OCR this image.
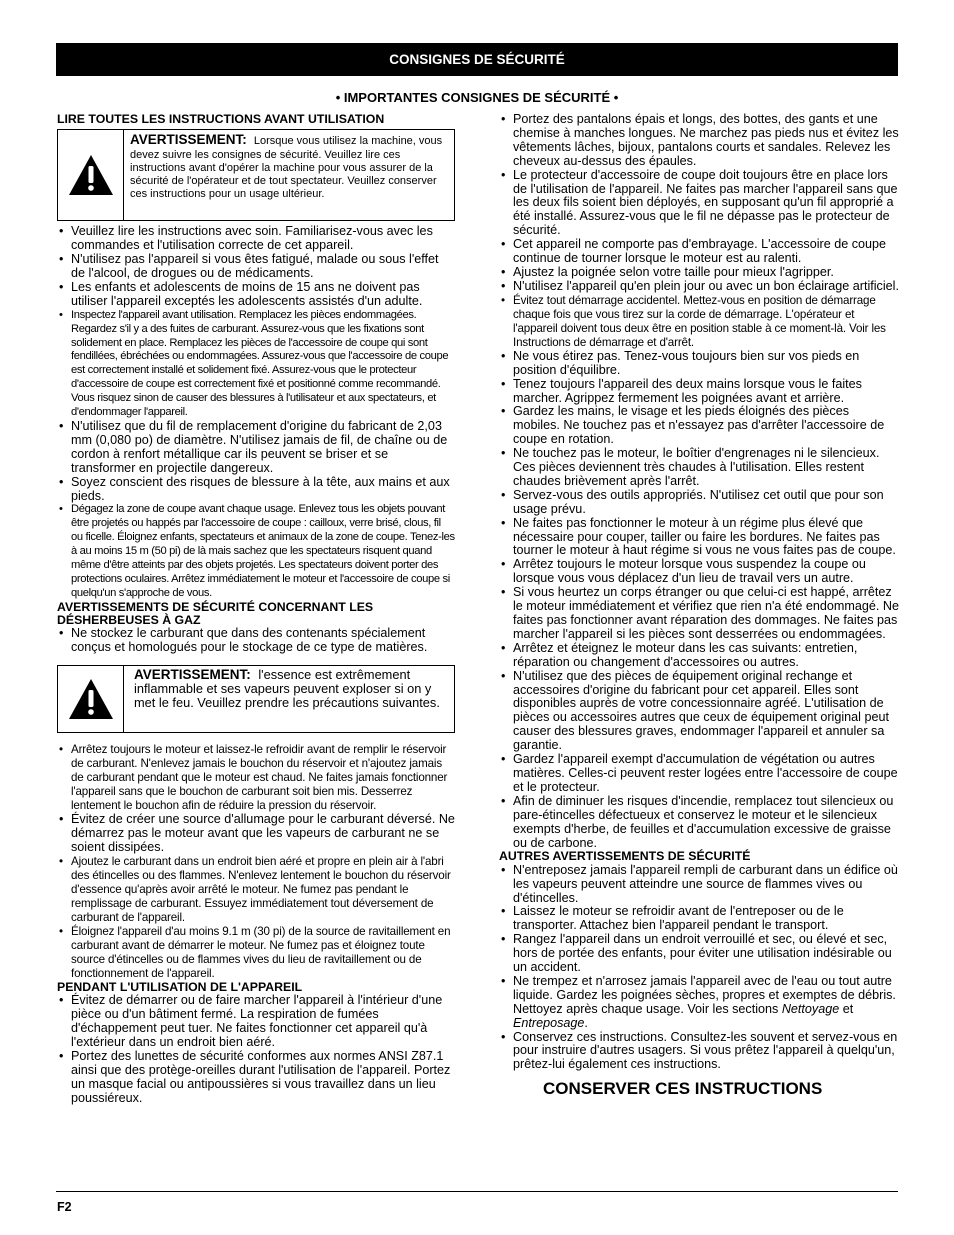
CONSIGNES DE SÉCURITÉ
• IMPORTANTES CONSIGNES DE SÉCURITÉ •
LIRE TOUTES LES INSTRUCTIONS AVANT UTILISATION
AVERTISSEMENT: Lorsque vous utilisez la machine, vous devez suivre les consignes de sécurité. Veuillez lire ces instructions avant d'opérer la machine pour vous assurer de la sécurité de l'opérateur et de tout spectateur. Veuillez conserver ces instructions pour un usage ultérieur.
• Veuillez lire les instructions avec soin. Familiarisez-vous avec les commandes et l'utilisation correcte de cet appareil.
• N'utilisez pas l'appareil si vous êtes fatigué, malade ou sous l'effet de l'alcool, de drogues ou de médicaments.
• Les enfants et adolescents de moins de 15 ans ne doivent pas utiliser l'appareil exceptés les adolescents assistés d'un adulte.
• Inspectez l'appareil avant utilisation. Remplacez les pièces endommagées. Regardez s'il y a des fuites de carburant. Assurez-vous que les fixations sont solidement en place. Remplacez les pièces de l'accessoire de coupe qui sont fendillées, ébréchées ou endommagées. Assurez-vous que l'accessoire de coupe est correctement installé et solidement fixé. Assurez-vous que le protecteur d'accessoire de coupe est correctement fixé et positionné comme recommandé. Vous risquez sinon de causer des blessures à l'utilisateur et aux spectateurs, et d'endommager l'appareil.
• N'utilisez que du fil de remplacement d'origine du fabricant de 2,03 mm (0,080 po) de diamètre. N'utilisez jamais de fil, de chaîne ou de cordon à renfort métallique car ils peuvent se briser et se transformer en projectile dangereux.
• Soyez conscient des risques de blessure à la tête, aux mains et aux pieds.
• Dégagez la zone de coupe avant chaque usage. Enlevez tous les objets pouvant être projetés ou happés par l'accessoire de coupe : cailloux, verre brisé, clous, fil ou ficelle. Éloignez enfants, spectateurs et animaux de la zone de coupe. Tenez-les à au moins 15 m (50 pi) de là mais sachez que les spectateurs risquent quand même d'être atteints par des objets projetés. Les spectateurs doivent porter des protections oculaires. Arrêtez immédiatement le moteur et l'accessoire de coupe si quelqu'un s'approche de vous.
AVERTISSEMENTS DE SÉCURITÉ CONCERNANT LES DÉSHERBEUSES À GAZ
• Ne stockez le carburant que dans des contenants spécialement conçus et homologués pour le stockage de ce type de matières.
AVERTISSEMENT: l'essence est extrêmement inflammable et ses vapeurs peuvent exploser si on y met le feu. Veuillez prendre les précautions suivantes.
• Arrêtez toujours le moteur et laissez-le refroidir avant de remplir le réservoir de carburant. N'enlevez jamais le bouchon du réservoir et n'ajoutez jamais de carburant pendant que le moteur est chaud. Ne faites jamais fonctionner l'appareil sans que le bouchon de carburant soit bien mis. Desserrez lentement le bouchon afin de réduire la pression du réservoir.
• Évitez de créer une source d'allumage pour le carburant déversé. Ne démarrez pas le moteur avant que les vapeurs de carburant ne se soient dissipées.
• Ajoutez le carburant dans un endroit bien aéré et propre en plein air à l'abri des étincelles ou des flammes. N'enlevez lentement le bouchon du réservoir d'essence qu'après avoir arrêté le moteur. Ne fumez pas pendant le remplissage de carburant. Essuyez immédiatement tout déversement de carburant de l'appareil.
• Éloignez l'appareil d'au moins 9.1 m (30 pi) de la source de ravitaillement en carburant avant de démarrer le moteur. Ne fumez pas et éloignez toute source d'étincelles ou de flammes vives du lieu de ravitaillement ou de fonctionnement de l'appareil.
PENDANT L'UTILISATION DE L'APPAREIL
• Évitez de démarrer ou de faire marcher l'appareil à l'intérieur d'une pièce ou d'un bâtiment fermé. La respiration de fumées d'échappement peut tuer. Ne faites fonctionner cet appareil qu'à l'extérieur dans un endroit bien aéré.
• Portez des lunettes de sécurité conformes aux normes ANSI Z87.1 ainsi que des protège-oreilles durant l'utilisation de l'appareil. Portez un masque facial ou antipoussières si vous travaillez dans un lieu poussiéreux.
• Portez des pantalons épais et longs, des bottes, des gants et une chemise à manches longues. Ne marchez pas pieds nus et évitez les vêtements lâches, bijoux, pantalons courts et sandales. Relevez les cheveux au-dessus des épaules.
• Le protecteur d'accessoire de coupe doit toujours être en place lors de l'utilisation de l'appareil. Ne faites pas marcher l'appareil sans que les deux fils soient bien déployés, en supposant qu'un fil approprié a été installé. Assurez-vous que le fil ne dépasse pas le protecteur de sécurité.
• Cet appareil ne comporte pas d'embrayage. L'accessoire de coupe continue de tourner lorsque le moteur est au ralenti.
• Ajustez la poignée selon votre taille pour mieux l'agripper.
• N'utilisez l'appareil qu'en plein jour ou avec un bon éclairage artificiel.
• Évitez tout démarrage accidentel. Mettez-vous en position de démarrage chaque fois que vous tirez sur la corde de démarrage. L'opérateur et l'appareil doivent tous deux être en position stable à ce moment-là. Voir les Instructions de démarrage et d'arrêt.
• Ne vous étirez pas. Tenez-vous toujours bien sur vos pieds en position d'équilibre.
• Tenez toujours l'appareil des deux mains lorsque vous le faites marcher. Agrippez fermement les poignées avant et arrière.
• Gardez les mains, le visage et les pieds éloignés des pièces mobiles. Ne touchez pas et n'essayez pas d'arrêter l'accessoire de coupe en rotation.
• Ne touchez pas le moteur, le boîtier d'engrenages ni le silencieux. Ces pièces deviennent très chaudes à l'utilisation. Elles restent chaudes brièvement après l'arrêt.
• Servez-vous des outils appropriés. N'utilisez cet outil que pour son usage prévu.
• Ne faites pas fonctionner le moteur à un régime plus élevé que nécessaire pour couper, tailler ou faire les bordures. Ne faites pas tourner le moteur à haut régime si vous ne vous faites pas de coupe.
• Arrêtez toujours le moteur lorsque vous suspendez la coupe ou lorsque vous vous déplacez d'un lieu de travail vers un autre.
• Si vous heurtez un corps étranger ou que celui-ci est happé, arrêtez le moteur immédiatement et vérifiez que rien n'a été endommagé. Ne faites pas fonctionner avant réparation des dommages. Ne faites pas marcher l'appareil si les pièces sont desserrées ou endommagées.
• Arrêtez et éteignez le moteur dans les cas suivants: entretien, réparation ou changement d'accessoires ou autres.
• N'utilisez que des pièces de équipement original rechange et accessoires d'origine du fabricant pour cet appareil. Elles sont disponibles auprès de votre concessionnaire agréé. L'utilisation de pièces ou accessoires autres que ceux de équipement original peut causer des blessures graves, endommager l'appareil et annuler sa garantie.
• Gardez l'appareil exempt d'accumulation de végétation ou autres matières. Celles-ci peuvent rester logées entre l'accessoire de coupe et le protecteur.
• Afin de diminuer les risques d'incendie, remplacez tout silencieux ou pare-étincelles défectueux et conservez le moteur et le silencieux exempts d'herbe, de feuilles et d'accumulation excessive de graisse ou de carbone.
AUTRES AVERTISSEMENTS DE SÉCURITÉ
• N'entreposez jamais l'appareil rempli de carburant dans un édifice où les vapeurs peuvent atteindre une source de flammes vives ou d'étincelles.
• Laissez le moteur se refroidir avant de l'entreposer ou de le transporter. Attachez bien l'appareil pendant le transport.
• Rangez l'appareil dans un endroit verrouillé et sec, ou élevé et sec, hors de portée des enfants, pour éviter une utilisation indésirable ou un accident.
• Ne trempez et n'arrosez jamais l'appareil avec de l'eau ou tout autre liquide. Gardez les poignées sèches, propres et exemptes de débris. Nettoyez après chaque usage. Voir les sections Nettoyage et Entreposage.
• Conservez ces instructions. Consultez-les souvent et servez-vous en pour instruire d'autres usagers. Si vous prêtez l'appareil à quelqu'un, prêtez-lui également ces instructions.
CONSERVER CES INSTRUCTIONS
F2
